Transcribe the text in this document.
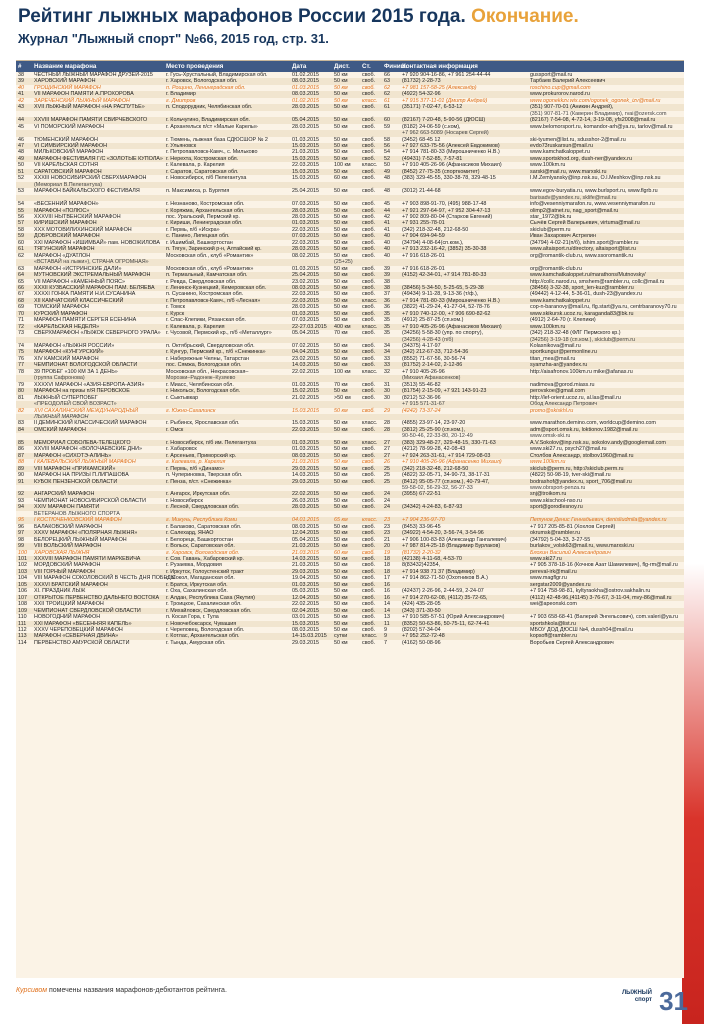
Рейтинг лыжных марафонов России 2015 года. Окончание.
Журнал "Лыжный спорт" №66, 2015 год, стр. 31.
#	Название марафона	Место проведения	Дата	Дист.	Ст.	Финиш.	Контактная информация	
38	ЧЕСТНЫЙ ЛЫЖНЫЙ МАРАФОН ДРУЗЕЙ-2015	г. Гусь-Хрустальный, Владимирская обл.	01.02.2015	50 км	своб.	66	+7 920 904-16-86, +7 961 254-44-44	gussport@mail.ru
39	ХАРОВСКИЙ МАРАФОН	г. Харовск, Вологодская обл.	08.03.2015	50 км	своб.	63	(81732) 2-28-73	Тарбаев Валерий Алексеевич
40	ГРОЩИНСКИЙ МАРАФОН	п. Рощино, Ленинградская обл.	01.03.2015	50 км	своб.	62	+7 981 157-58-25 (Александр)	roschino.cup@gmail.com
41	VII МАРАФОН ПАМЯТИ А.ПРОХОРОВА	г. Владимир	08.03.2015	50 км	своб.	62	(4922) 54-32-96	www.prokurorov.narod.ru
42	ЗАРЕЧЕНСКИЙ ЛЫЖНЫЙ МАРАФОН	г. Дмитров	01.02.2015	50 км	класс.	61	+7 915 377-11-01 (Дмитр Андрей)	www.ogonekkzv.wix.com/ogonek_ogonek_izv@mail.ru
43	XVII ЛЫЖНЫЙ МАРАФОН «НА РАСПУТЬЕ»	п. Сподорудник, Челябинская обл.	28.03.2015	50 км	своб.	61	(35171) 7-02-47, 6-53-12	(351) 907-70-01 (Аникин Андрей),
								(351) 907-81-71 (Каверин Владимир), rvai@ozersk.com
44	XXVIII МАРАФОН ПАМЯТИ СВИРЧЕВСКОГО	г. Кольчугино, Владимирская обл.	05.04.2015	50 км	своб.	60	(82167) 7-20-48, 5-90-56 (ДЮСШ)	(82167) 7-54-08, 4-72-14, 3-19-08, yfs2008@mail.ru
45	VI ПОМОРСКИЙ МАРАФОН	г. Архангельск п/ст «Малые Карелы»	28.03.2015	50 км	своб.	59	(8182) 24-06-59 (с.ком),	www.belomorsport.ru, komandor-arh@ya.ru, tarlov@mail.ru
							+7 962 663-5089 (Носарев Сергей)	
46	ТЮМЕНСКИЙ МАРАФОН	г. Тюмень, лыжная база СДЮСШОР № 2	01.03.2015	50 км	своб.	58	(3452) 68-45 12	ski-tyumen@list.ru, sdusshor-2@mail.ru
47	VI СИМБИРСКИЙ МАРАФОН	г. Ульяновск	15.03.2015	50 км	своб.	56	+7 927 633-75-56 (Алексей Евдокимов)	evdo73ruskarsun@mail.ru
48	МИЛЬКОВСКИЙ МАРАФОН	г. Петропавловск-Камч., с. Мильково	21.03.2015	50 км	своб.	54	+7 914 781-80-33 (Мирошниченко Н.В.)	www.kamchatkaloppet.ru
49	МАРАФОН ФЕСТИВАЛЯ Г/С «ЗОЛОТЫЕ КУПОЛА»	г. Нерехта, Костромская обл.	15.03.2015	50 км	своб.	52	(49431) 7-52-85, 7-57-81	www.sportskhod.org, dush-ner@yandex.ru
50	VII КАРЕЛЬСКАЯ СОТНЯ	г. Калевала, р. Карелия	22.03.2015	100 км	класс.	50	+7 910 405-26-96 (Афанасиков Михаил)	www.100km.ru
51	САРАТОВСКИЙ МАРАФОН	г. Саратов, Саратовская обл.	15.03.2015	50 км	своб.	49	(8452) 27-75-35 (спорткомитет)	sarski@mail.ru, www.marxski.ru
52	XXXIII НОВОСИБИРСКИЙ СВЕРХМАРАФОН	г. Новосибирск, п/б Пелегантуха	15.03.2015	60 км	своб.	48	(383) 329-45-55, 330-38-78, 329-48-15	I.M.Zemlyansky@inp.nsk.su, O.I.Meshkov@inp.nsk.su
	(Мемориал В.Пелегантуха)							
53	МАРАФОН БАЙКАЛЬСКОГО ФЕСТИВАЛЯ	п. Максимиха, р. Бурятия	25.04.2015	50 км	своб.	48	(3012) 21-44-68	www.egov-buryatia.ru, www.burlsport.ru, www.flgrb.ru
								barisadv@yandex.ru, sklife@mail.ru
54	«ВЕСЕННИЙ МАРАФОН»	г. Незнаново, Костромская обл.	07.03.2015	50 км	своб.	45	+7 903 898-91-70, (495) 988-17-48	info@vesenniymarafon.ru, www.vesenniymarafon.ru
55	МАРАФОН «ПОЛЮС»	г. Коряжма, Архангельская обл.	28.03.2015	50 км	своб.	44	+7 921 297-64-97, +7 952 304-47-13	olimp2@atnet.ru, nag_sport@mail.ru
56	XXXVIII НЫТВЕНСКИЙ МАРАФОН	пос. Уральский, Пермский кр.	28.03.2015	50 км	своб.	42	+7 902 809-80-04 (Старков Евгений)	star_1972@bk.ru
57	КИРИШСКИЙ МАРАФОН	г. Кириши, Ленинградская обл.	01.03.2015	50 км	своб.	41	+7 931 255-78-01	Сычёв Сергей Валерьевич, virtuma@mail.ru
58	XXX МОТОВИЛИХИНСКИЙ МАРАФОН	г. Пермь, п/б «Искра»	22.03.2015	50 км	своб.	41	(342) 218-32-48, 212-68-50	skiclub@perm.ru
59	ДОБРОВСКИЙ МАРАФОН	с. Панино, Липецкая обл.	07.03.2015	50 км	своб.	40	+7 904 694-94-59	Иван Захарович Астрелин
60	XXI МАРАФОН «ИШИМБАЙ» пам. НОВОЖИЛОВА	г. Ишимбай, Башкортостан	22.03.2015	50 км	своб.	40	(34794) 4-08-64(сп.ком.),	(34794) 4-02-21(п/б), ishim.sport@rambler.ru
61	ТЯГУНСКИЙ МАРАФОН	п. Тягун, Заринский р-н, Алтайский кр.	28.03.2015	50 км	своб.	40	+7 913 232-16-42, (3852) 35-30-38	www.altaisport.ru/directory, altaisport@list.ru
62	МАРАФОН «ДУАТЛОН	Московская обл., клуб «Романтик»	08.02.2015	50 км	своб.	40	+7 916 618-26-01	org@romantik-club.ru, www.ssoromantik.ru
	«ВСТАВАЙ на лыжи»), СТРАНА ОГРОМНАЯ»			(25+25)				
63	МАРАФОН «ИСТРИНСКИЕ ДАЛИ»	Московская обл., клуб «Романтик»	01.03.2015	50 км	своб.	39	+7 916 618-26-01	org@romantik-club.ru
64	МУТНОВСКИЙ ЭКСТРЕМАЛЬНЫЙ МАРАФОН	п. Термальный, Камчатская обл.	25.04.2015	50 км	своб.	39	(4152) 42-34-01, +7 914 781-80-33	www.kamchatkaloppet.ru/marathons/Mutnovsky/
65	VII МАРАФОН «КАМЕННЫЙ ПОЯС»	г. Ревда, Свердловская обл.	23.02.2015	50 км	своб.	38		http://collc.narod.ru, smshem@rambler.ru, collc@mail.ru
66	XXXII КУЗБАССКИЙ МАРАФОН ПАМ. БЕЛЯЕВА	г. Ленинск-Кузнецкий, Кемеровская обл.	08.03.2015	50 км	своб.	38	(38456) 5-34-50, 5-25-65, 5-29-38	(38456) 3-32-38, sport_len-kuz@rambler.ru
67	XXXXI ГОНКА ПАМЯТИ Н.И.СУСАНИНА	п. Сусанино, Костромская обл.	22.03.2015	50 км	своб.	37	(49434) 9-11-28, 9-13-36 (т/ф.),	(49442) 4-12-44, 5-36-01, dush-23@yandex.ru
68	XII КАМЧАТСКИЙ КЛАССИЧЕСКИЙ	г. Петропавловск-Камч., п/б «Лесная»	22.03.2015	50 км	класс.	36	+7 914 781-80-33 (Мирошниченко Н.В.)	www.kamchatkaloppet.ru
69	ТОМСКИЙ МАРАФОН	г. Томск	28.03.2015	50 км	своб.	36	(3822) 41-29-24, 41-27-04, 52-78-76	cop-n-baranovy@mail.ru, flg.start@ya.ru, centrbaranovy70.ru
70	КУРСКИЙ МАРАФОН	г. Курск	01.03.2015	50 км	своб.	35	+7 910 740-12-00, +7 906 690-82-62	www.skikursk.ucoz.ru, karaganda83@bk.ru
71	МАРАФОН ПАМЯТИ СЕРГЕЯ ЕСЕНИНА	г. Спас-Клепики, Рязанская обл.	07.03.2015	50 км	своб.	35	(4912) 25-87-25 (сп.ком.)	(4912) 2-64-70 (г. Клепики)
72	«КАРЕЛЬСКАЯ НЕДЕЛЯ»	г. Калевала, р. Карелия	22-27.03.2015	400 км	класс.	35	+7 910 405-26-96 (Афанасиков Михаил)	www.100km.ru
73	СВЕРХМАРАФОН «ЛЫЖОК СЕВЕРНОГО УРАЛА»	г. Чусовой, Пермский кр., п/б «Металлург»	05.04.2015	70 км	своб.	35	(34256) 5-58-30 (упр. по спорту),	(342) 218-32-48 (ФЛГ Пермского кр.)
							(34256) 4-28-43 (п/б)	(34256) 3-19-18 (сп.ком.), skiclub@perm.ru
74	МАРАФОН «ЛЫЖНЯ РОССИИ»	п. Октябрьский, Свердловская обл.	07.02.2015	50 км	своб.	34	(34375) 4-17-97	Kolasnikova@mail.ru
75	МАРАФОН «КУНГУРСКИЙ»	г. Кунгур, Пермский кр., п/б «Снежинка»	04.04.2015	50 км	своб.	34	(342) 212-67-33, 712-54-36	sportkungur@permonline.ru
76	XIV КАМСКИЙ МАРАФОН	г. Набережные Челны, Татарстан	23.02.2015	50 км	своб.	33	(8552) 71-67-56, 30-56-74	titan_mea@mail.ru
77	ЧЕМПИОНАТ ВОЛОГОДСКОЙ ОБЛАСТИ	пос. Сямжа, Вологодская обл.	14.03.2015	50 км	своб.	33	(81752) 2-14-02, 2-12-86	syamzha-ar@yandex.ru
78	39 ПРОБЕГ «100 КМ ЗА 1 ДЕНЬ»	Московская обл., Некрасовская–	22.02.2015	100 км	класс.	32	+7 910 405-26-96	http://aisafronov.100km.ru mike@afanas.ru
	(группа Сафронова)	Морозки–Радонеж–Кузяево					(Михаил Афанасенков)	
79	XXXXVI МАРАФОН «АЗИЯ-ЕВРОПА-АЗИЯ»	г. Миасс, Челябинская обл.	01.03.2015	70 км	своб.	31	(3513) 55-46-82	nadimova@gorod.miass.ru
80	МАРАФОН на призы п/Я ПЕРОВСКОЕ	г. Никольск, Вологодская обл.	15.02.2015	50 км	своб.	30	(81754) 2-15-09, +7 921 143-91-23	perovskoe@gmail.com
81	ЛЫЖНЫЙ СУПЕРПОБЕГ	г. Сыктывкар	21.02.2015	>50 км	своб.	30	(8212) 52-36-96	http://lef-orient.ucoz.ru, al.las@mail.ru
	«ПРЕОДОЛЕЙ СВОЙ ВОЗРАСТ»						+7 915 571-31-67	Обод Александр Петрович
82	XVI САХАЛИНСКИЙ МЕЖДУНАРОДНЫЙ	г. Южно-Сахалинск	15.03.2015	50 км	своб.	29	(4242) 73-37-24	promo@skiskhl.ru
	ЛЫЖНЫЙ МАРАФОН							
83	II ДЕМИНСКИЙ КЛАССИЧЕСКИЙ МАРАФОН	г. Рыбинск, Ярославская обл.	15.03.2015	50 км	класс.	28	(4855) 23-97-14, 23-97-20	www.marathon.demino.com, worldcup@demino.com
84	ОМСКИЙ МАРАФОН	г. Омск	22.03.2015	50 км	своб.	28	(3812) 25-25-90 (сп.ком.),	adm@sport.omsk.ru, loktionov.1982@mail.ru
							90-50-46, 22-33-80, 20-12-49	www.omsk-ski.ru
85	МЕМОРИАЛ СОБОЛЕВА-ТЕЛЕЦКОГО	г. Новосибирск, п/б им. Пелегантуха	01.03.2015	50 км	класс.	27	(383) 329-48-27, 329-48-15, 330-71-63	A.V.Sokolov@inp.nsk.su, sokolov.andy@googlemail.com
86	XXVIII МАРАФОН «ВОЛОЧАЕВСКИЕ ДНИ»	г. Хабаровск	01.03.2015	50 км	своб.	27	(4212) 78-99-28, 42-08-43	www.ski27.ru, psych27@mail.ru
87	МАРАФОН «СИХОТЭ-АЛИНЬ»	г. Арсеньев, Приморский кр.	08.03.2015	50 км	своб.	27	+7 924 263-31-61, +7 914 729-08-03	Столбов Александр, stolbov1960@mail.ru
88	I КАЛЕВАЛЬСКИЙ ЛЫЖНЫЙ МАРАФОН	г. Калевала, р. Карелия	21.03.2015	50 км	своб.	26	+7 910 405-26-96 (Афанасенко Михаил)	www.100km.ru
89	VIII МАРАФОН «ПРИКАМСКИЙ»	г. Пермь, п/б «Динамо»	29.03.2015	50 км	своб.	25	(342) 218-32-48, 212-68-50	skiclub@perm.ru, http://skiclub.perm.ru
90	МАРАФОН НА ПРИЗЫ П.ЛИПАШОВА	п. Чупериновка, Тверская обл.	14.03.2015	50 км	своб.	25	(4822) 32-05-71, 34-90-73, 38-17-31	(4822) 50-98-19, tver-ski@mail.ru
91	КУБОК ПЕНЗЕНСКОЙ ОБЛАСТИ	г. Пенза, п/ст. «Снежинка»	29.03.2015	50 км	своб.	25	(8412) 95-05-77 (сп.ком.), 40-79-47,	bodrashof@yandex.ru, sport_706@mail.ru
							59-58-02, 56-29-32, 56-27-33	www.obrsport-penza.ru
92	АНГАРСКИЙ МАРАФОН	г. Ангарск, Иркутская обл.	22.02.2015	50 км	своб.	24	(3955) 67-22-51	snj@troikom.ru
93	ЧЕМПИОНАТ НОВОСИБИРСКОЙ ОБЛАСТИ	г. Новосибирск	26.03.2015	50 км	своб.	24		www.skischool-nso.ru
94	XXIV МАРАФОН ПАМЯТИ	г. Лесной, Свердловская обл.	28.03.2015	50 км	своб.	24	(34342) 4-24-83, 6-87-93	sport@gorodlesnoy.ru
	ВЕТЕРАНОВ ЛЫЖНОГО СПОРТА							
95	I КОСТЮЧЕНКОВСКИЙ МАРАФОН	г. Микунь, Республика Коми	04.01.2015	65 км	класс.	23	+7 904 236-97-70	Петунов Денис Геннадьевич, denisliudmila@yandex.ru
96	БАЛАКОВСКИЙ МАРАФОН	г. Балаково, Саратовская обл.	08.03.2015	50 км	своб.	23	(8453) 33-96-45	+7 917 205-85-81 (Хохлов Сергей)
97	XXXV МАРАФОН «ПОЛЯРНАЯ ЛЫЖНЯ»	г. Салехард, ЯНАО	12.04.2015	50 км	своб.	23	(34922) 4-54-20, 3-56-74, 3-54-96	okrumsk@rambler.ru
98	БЕЛОРЕЦКИЙ ЛЫЖНЫЙ МАРАФОН	г. Белорецк, Башкортостан	05.04.2015	50 км	своб.	21	+7 906 100-83-83 (Александр Гангалевич)	(34792) 5-04-33, 3-27-55
99	VIII ВОЛЬСКИЙ МАРАФОН	г. Вольск, Саратовская обл.	21.03.2015	50 км	своб.	20	+7 987 814-25-18 (Владимир Бурлаков)	burlakov_volsk63@mail.ru, www.marxski.ru
100	ХАРОВСКАЯ ЛЫЖНЯ	г. Харовск, Вологодская обл.	21.03.2015	60 км	своб.	19	(81732) 2-20-32	Блохин Василий Александрович
101	XXXVIII МАРАФОН ПАМЯТИ МАРКЕВИЧА	г. Сов. Гавань, Хабаровский кр.	14.03.2015	50 км	своб.	18	(42138) 4-11-68, 4-53-70	www.ski27.ru
102	МОРДОВСКИЙ МАРАФОН	г. Рузаевка, Мордовия	21.03.2015	50 км	своб.	18	8(83432)42354,	+7 905 378-18-16 (Кочнов Азат Шамилевич), flg-rm@mail.ru
103	VIII ГОРНЫЙ МАРАФОН	г. Иркутск, Голоустенский тракт	29.03.2015	50 км	своб.	18	+7 914 938 71 37 (Владимир)	pereval-irk@mail.ru
104	VIII МАРАФОН СОКОЛОВСКИЙ В ЧЕСТЬ ДНЯ ПОБЕДЫ	п. Сокол, Магаданская обл.	19.04.2015	50 км	своб.	17	+7 914 862-71-50 (Охотников В.А.)	www.magflgr.ru
105	XXXVI БРАТСКИЙ МАРАФОН	г. Братск, Иркутская обл.	01.03.2015	50 км	своб.	16		sergstar2009@yandex.ru
106	XI. ПРАЗДНИК ЛЫЖ	г. Оха, Сахалинская обл.	05.03.2015	50 км	своб.	16	(42437) 2-26-96, 2-44-59, 2-24-07	+7 914 758-98-81, kyltyraokha@ostrov.sakhalin.ru
107	ОТКРЫТОЕ ПЕРВЕНСТВО ДАЛЬНЕГО ВОСТОКА	г. Алдан, Республика Саха (Якутия)	12.04.2015	50 км	своб.	16	+7 914 270-62-08, (4112) 35-72-65,	(4112) 42-48-96,(41145) 3-76-67, 3-11-04, mvy-86@mail.ru
108	XXII ТРОИЦКИЙ МАРАФОН	г. Троицкое, Сахалинская обл.	22.02.2015	50 км	своб.	14	(424) 435-28-05	wei@apeonski.com
109	ЧЕМПИОНАТ СВЕРДЛОВСКОЙ ОБЛАСТИ	г. Михайловск, Свердловская обл.	02.04.2015	50 км	своб.	14	(343) 371-30-50	
110	НОВОГОДНИЙ МАРАФОН	п. Косая Гора, г. Тула	03.01.2015	50 км	своб.	13	+7 910 585-57-51 (Юрий Александрович)	+7 903 658-68-41 (Валерий Энгельсович), com.valeri@ya.ru
111	XXI МАРАФОН «ВЕСЕННЯЯ КАПЕЛЬ»	г. Новочебоксарск, Чувашия	15.03.2015	50 км	своб.	11	(8352) 50-63-86, 50-75-11, 62-74-41	sportshkola@list.ru
112	XXXV ЧЕРЕПОВЕЦКИЙ МАРАФОН	г. Череповец, Вологодская обл.	08.03.2015	50 км	своб.	9	(8202) 57-34-04	МБОУ ДОД ДЮСШ №4, dussh04@mail.ru
113	МАРАФОН «СЕВЕРНАЯ ДВИНА»	г. Котлас, Архангельская обл.	14-15.03.2015	сутки	класс.	9	+7 952 252-72-48	kopsoff@rambler.ru
114	ПЕРВЕНСТВО АМУРСКОЙ ОБЛАСТИ	г. Тында, Амурская обл.	29.03.2015	50 км	своб.	7	(4162) 50-08-96	Воробьев Сергей Александрович
Курсивом помечены названия марафонов-дебютантов рейтинга.	ЛЫЖНЫЙ
спорт 31
